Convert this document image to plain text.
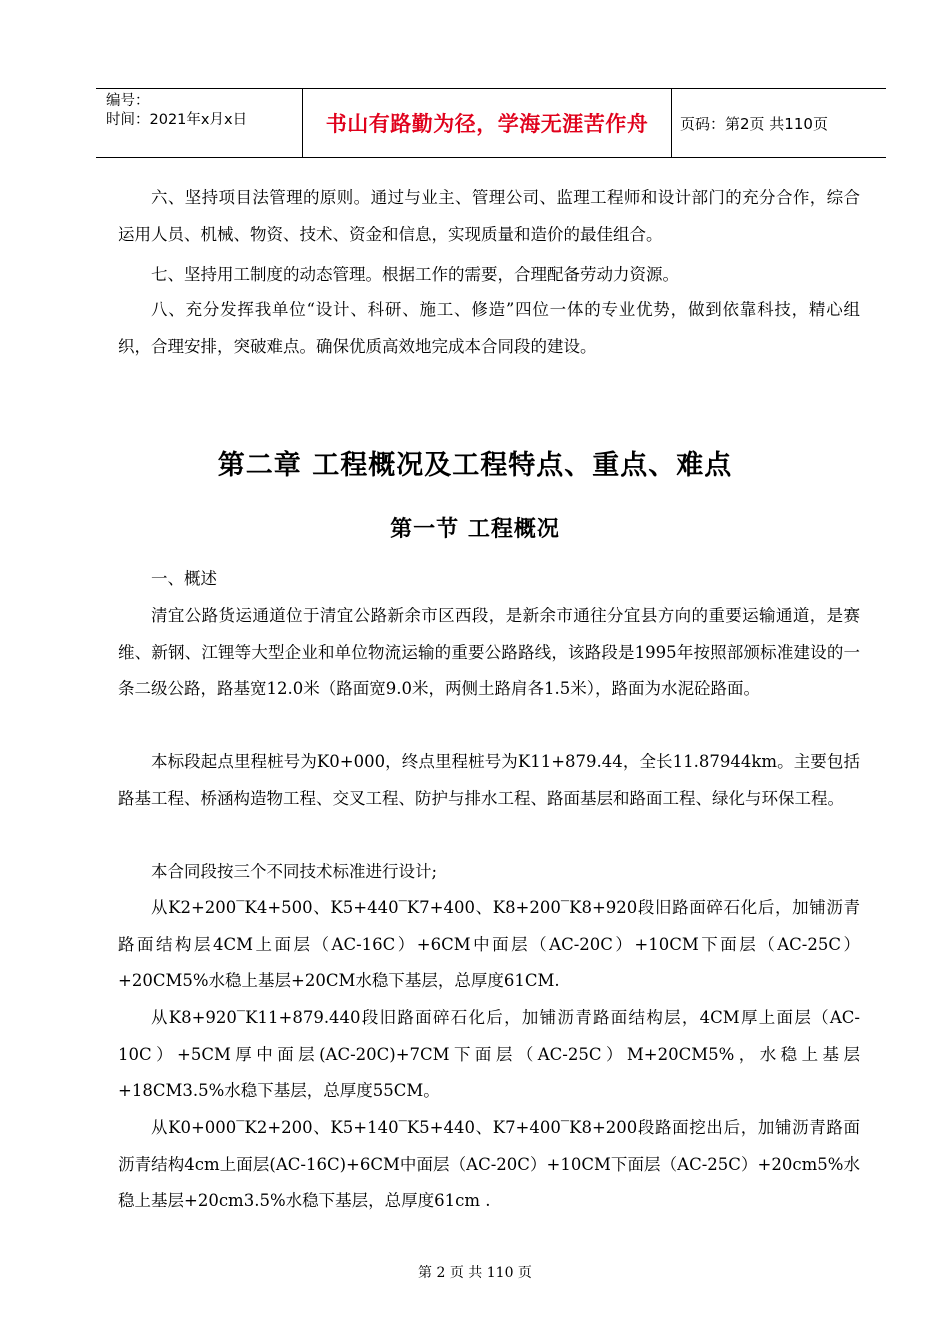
编号：
时间：2021年x月x日	书山有路勤为径，学海无涯苦作舟	页码：第2页 共110页

六、坚持项目法管理的原则。通过与业主、管理公司、监理工程师和设计部门的充分合作，综合运用人员、机械、物资、技术、资金和信息，实现质量和造价的最佳组合。

七、坚持用工制度的动态管理。根据工作的需要，合理配备劳动力资源。

八、充分发挥我单位“设计、科研、施工、修造”四位一体的专业优势，做到依靠科技，精心组织，合理安排，突破难点。确保优质高效地完成本合同段的建设。

第二章 工程概况及工程特点、重点、难点
第一节 工程概况

一、概述

清宜公路货运通道位于清宜公路新余市区西段，是新余市通往分宜县方向的重要运输通道，是赛维、新钢、江锂等大型企业和单位物流运输的重要公路路线，该路段是1995年按照部颁标准建设的一条二级公路，路基宽12.0米（路面宽9.0米，两侧土路肩各1.5米），路面为水泥砼路面。

本标段起点里程桩号为K0+000，终点里程桩号为K11+879.44，全长11.87944km。主要包括路基工程、桥涵构造物工程、交叉工程、防护与排水工程、路面基层和路面工程、绿化与环保工程。

本合同段按三个不同技术标准进行设计;

从K2+200‾K4+500、K5+440‾K7+400、K8+200‾K8+920段旧路面碎石化后，加铺沥青路面结构层4CM上面层（AC-16C）+6CM中面层（AC-20C）+10CM下面层（AC-25C）+20CM5%水稳上基层+20CM水稳下基层，总厚度61CM.

从K8+920‾K11+879.440段旧路面碎石化后，加铺沥青路面结构层，4CM厚上面层（AC-10C）+5CM厚中面层(AC-20C)+7CM下面层（AC-25C）M+20CM5%，水稳上基层+18CM3.5%水稳下基层，总厚度55CM。

从K0+000‾K2+200、K5+140‾K5+440、K7+400‾K8+200段路面挖出后，加铺沥青路面沥青结构4cm上面层(AC-16C)+6CM中面层（AC-20C）+10CM下面层（AC-25C）+20cm5%水稳上基层+20cm3.5%水稳下基层，总厚度61cm .

第 2 页 共 110 页
